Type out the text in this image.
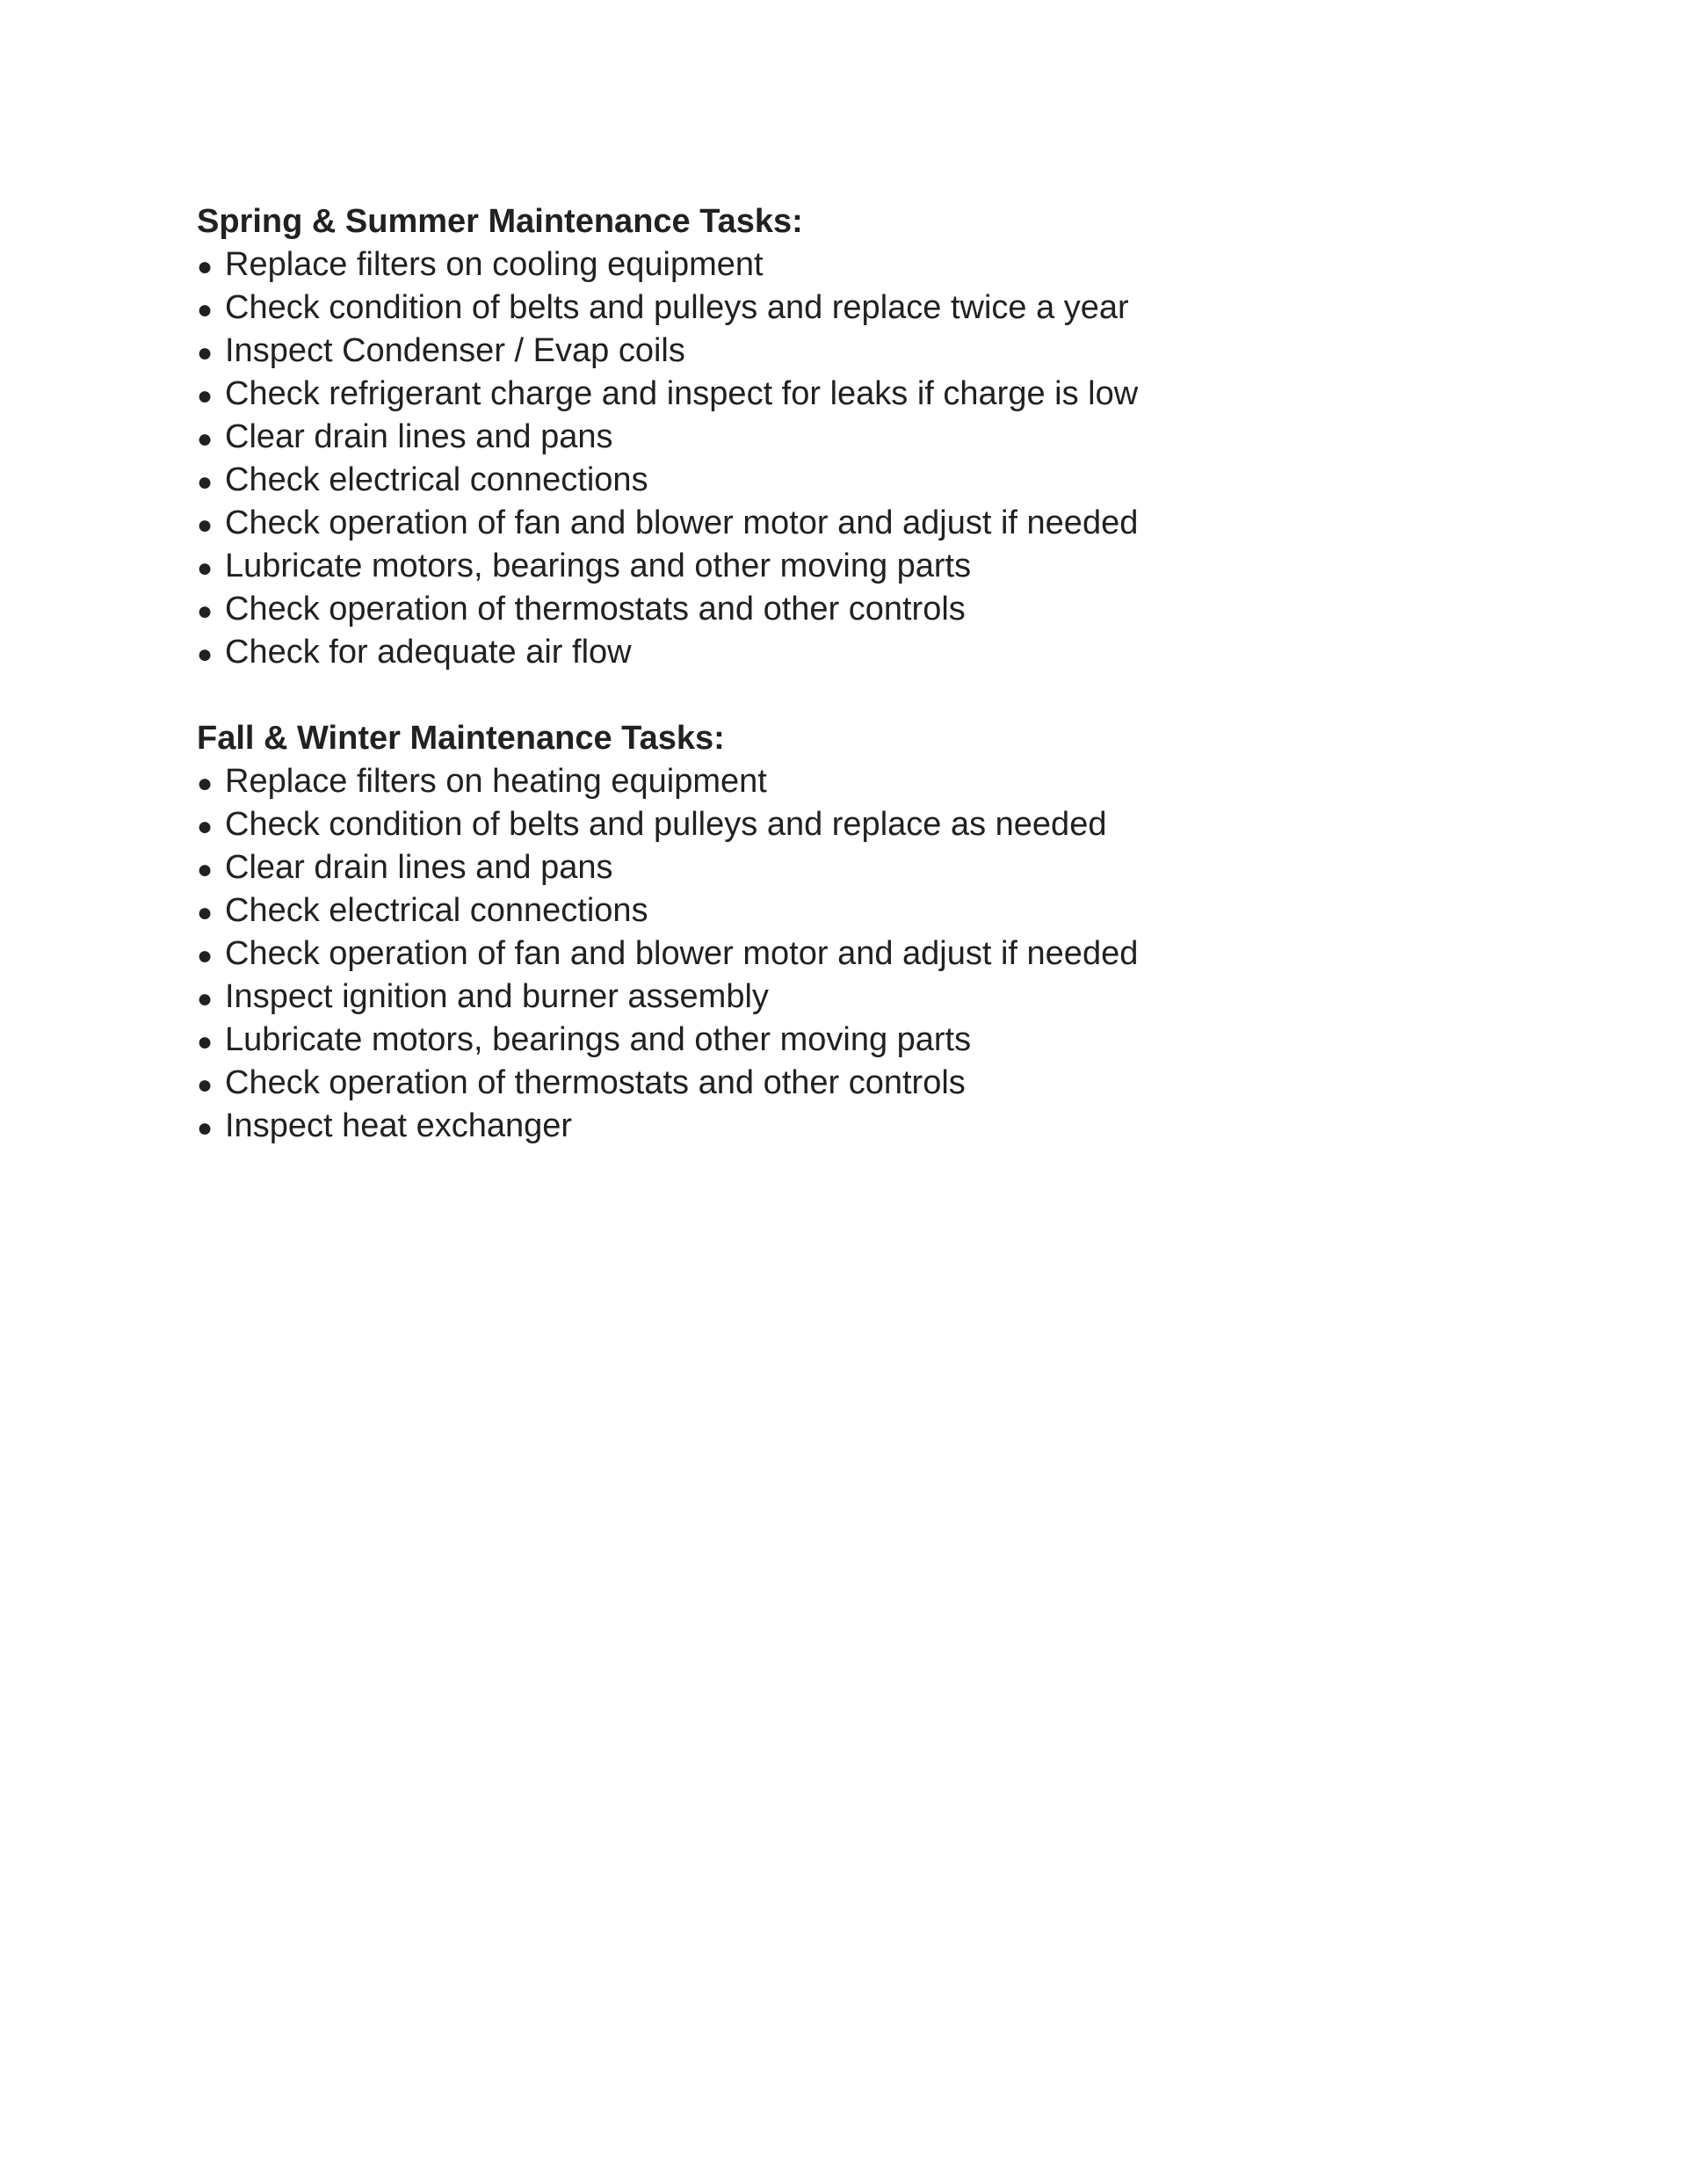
Spring & Summer Maintenance Tasks:
● Replace filters on cooling equipment
● Check condition of belts and pulleys and replace twice a year
● Inspect Condenser / Evap coils
● Check refrigerant charge and inspect for leaks if charge is low
● Clear drain lines and pans
● Check electrical connections
● Check operation of fan and blower motor and adjust if needed
● Lubricate motors, bearings and other moving parts
● Check operation of thermostats and other controls
● Check for adequate air flow
Fall & Winter Maintenance Tasks:
● Replace filters on heating equipment
● Check condition of belts and pulleys and replace as needed
● Clear drain lines and pans
● Check electrical connections
● Check operation of fan and blower motor and adjust if needed
● Inspect ignition and burner assembly
● Lubricate motors, bearings and other moving parts
● Check operation of thermostats and other controls
● Inspect heat exchanger
